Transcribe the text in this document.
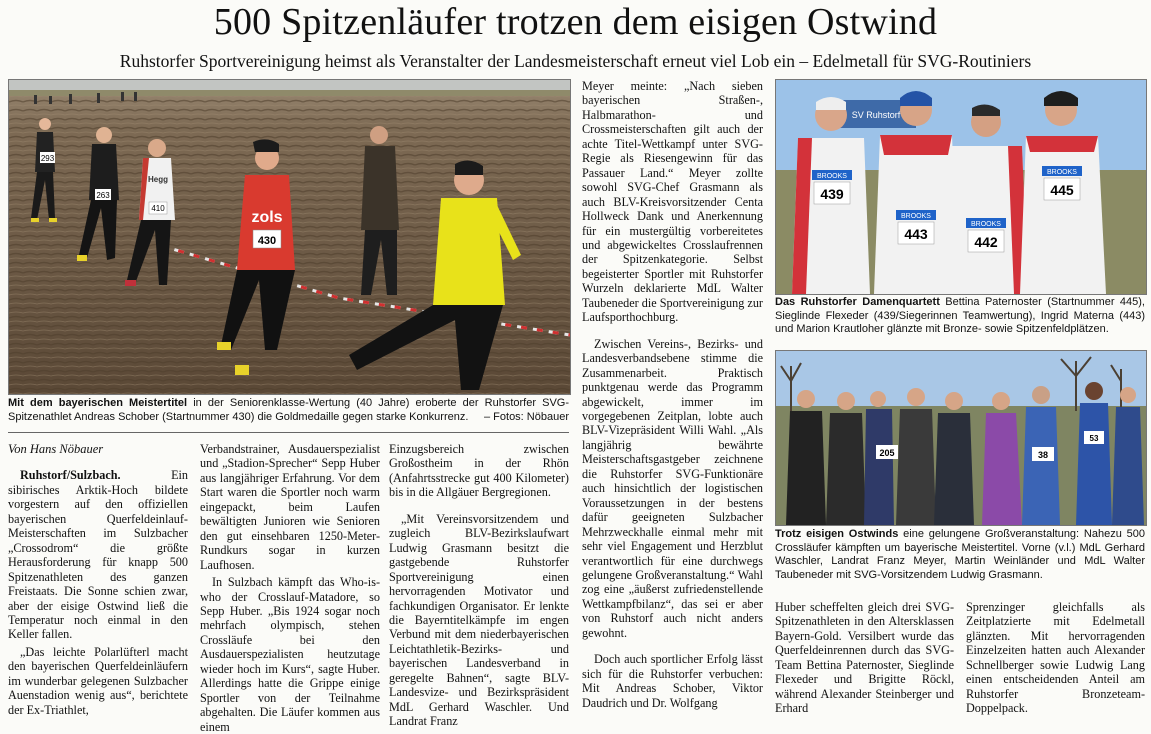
500 Spitzenläufer trotzen dem eisigen Ostwind
Ruhstorfer Sportvereinigung heimst als Veranstalter der Landesmeisterschaft erneut viel Lob ein – Edelmetall für SVG-Routiniers
293
263
Hegg
410
zols
430
Mit dem bayerischen Meistertitel in der Seniorenklasse-Wertung (40 Jahre) eroberte der Ruhstorfer SVG-Spitzenathlet Andreas Schober (Startnummer 430) die Goldmedaille gegen starke Konkurrenz. – Fotos: Nöbauer
Von Hans Nöbauer

Ruhstorf/Sulzbach.	Ein sibirisches Arktik-Hoch bildete vorgestern auf den offiziellen bayerischen Querfeldeinlauf-Meisterschaften im Sulzbacher „Crossodrom“ die größte Herausforderung für knapp 500 Spitzenathleten des ganzen Freistaats. Die Sonne schien zwar, aber der eisige Ostwind ließ die Temperatur noch einmal in den Keller fallen.

„Das leichte Polarlüfterl macht den bayerischen Querfeldeinläufern im wunderbar gelegenen Sulzbacher Auenstadion wenig aus“, berichtete der Ex-Triathlet,

Verbandstrainer, Ausdauerspezialist und „Stadion-Sprecher“ Sepp Huber aus langjähriger Erfahrung. Vor dem Start waren die Sportler noch warm eingepackt, beim Laufen bewältigten Junioren wie Senioren den gut einsehbaren 1250-Meter-Rundkurs sogar in kurzen Laufhosen.

In Sulzbach kämpft das Who-is-who der Crosslauf-Matadore, so Sepp Huber. „Bis 1924 sogar noch mehrfach olympisch, stehen Crossläufe bei den Ausdauerspezialisten heutzutage wieder hoch im Kurs“, sagte Huber. Allerdings hatte die Grippe einige Sportler von der Teilnahme abgehalten. Die Läufer kommen aus einem

Einzugsbereich zwischen Großostheim in der Rhön (Anfahrtsstrecke gut 400 Kilometer) bis in die Allgäuer Bergregionen.

„Mit Vereinsvorsitzendem und zugleich BLV-Bezirkslaufwart Ludwig Grasmann besitzt die gastgebende Ruhstorfer Sportvereinigung einen hervorragenden Motivator und fachkundigen Organisator. Er lenkte die Bayerntitelkämpfe im engen Verbund mit dem niederbayerischen Leichtathletik-Bezirks- und bayerischen Landesverband in geregelte Bahnen“, sagte BLV-Landesvize- und Bezirkspräsident MdL Gerhard Waschler. Und Landrat Franz

Meyer meinte: „Nach sieben bayerischen Straßen-, Halbmarathon- und Crossmeisterschaften gilt auch der achte Titel-Wettkampf unter SVG-Regie als Riesengewinn für das Passauer Land.“ Meyer zollte sowohl SVG-Chef Grasmann als auch BLV-Kreisvorsitzender Centa Hollweck Dank und Anerkennung für ein mustergültig vorbereitetes und abgewickeltes Crosslaufrennen der Spitzenkategorie. Selbst begeisterter Sportler mit Ruhstorfer Wurzeln deklarierte MdL Walter Taubeneder die Sportvereinigung zur Laufsporthochburg.

Zwischen Vereins-, Bezirks- und Landesverbandsebene stimme die Zusammenarbeit. Praktisch punktgenau werde das Programm abgewickelt, immer im vorgegebenen Zeitplan, lobte auch BLV-Vizepräsident Willi Wahl. „Als langjährig bewährte Meisterschaftsgastgeber zeichnene die Ruhstorfer SVG-Funktionäre auch hinsichtlich der logistischen Voraussetzungen in der bestens dafür geeigneten Sulzbacher Mehrzweckhalle einmal mehr mit sehr viel Engagement und Herzblut verantwortlich für eine durchwegs gelungene Großveranstaltung.“ Wahl zog eine „äußerst zufriedenstellende Wettkampfbilanz“, das sei er aber von Ruhstorf auch nicht anders gewohnt.

Doch auch sportlicher Erfolg lässt sich für die Ruhstorfer verbuchen: Mit Andreas Schober, Viktor Daudrich und Dr. Wolfgang

SV Ruhstorf
BROOKS
439
BROOKS
443
BROOKS
442
BROOKS
445
Das Ruhstorfer Damenquartett Bettina Paternoster (Startnummer 445), Sieglinde Flexeder (439/Siegerinnen Teamwertung), Ingrid Materna (443) und Marion Krautloher glänzte mit Bronze- sowie Spitzenfeldplätzen.
205	38
53
Trotz eisigen Ostwinds eine gelungene Großveranstaltung: Nahezu 500 Crossläufer kämpften um bayerische Meistertitel. Vorne (v.l.) MdL Gerhard Waschler, Landrat Franz Meyer, Martin Weinländer und MdL Walter Taubeneder mit SVG-Vorsitzendem Ludwig Grasmann.

Huber scheffelten gleich drei SVG-Spitzenathleten in den Altersklassen Bayern-Gold. Versilbert wurde das Querfeldeinrennen durch das SVG-Team Bettina Paternoster, Sieglinde Flexeder und Brigitte Röckl, während Alexander Steinberger und Erhard

Sprenzinger gleichfalls als Zeitplatzierte mit Edelmetall glänzten. Mit hervorragenden Einzelzeiten hatten auch Alexander Schnellberger sowie Ludwig Lang einen entscheidenden Anteil am Ruhstorfer Bronzeteam-Doppelpack.
